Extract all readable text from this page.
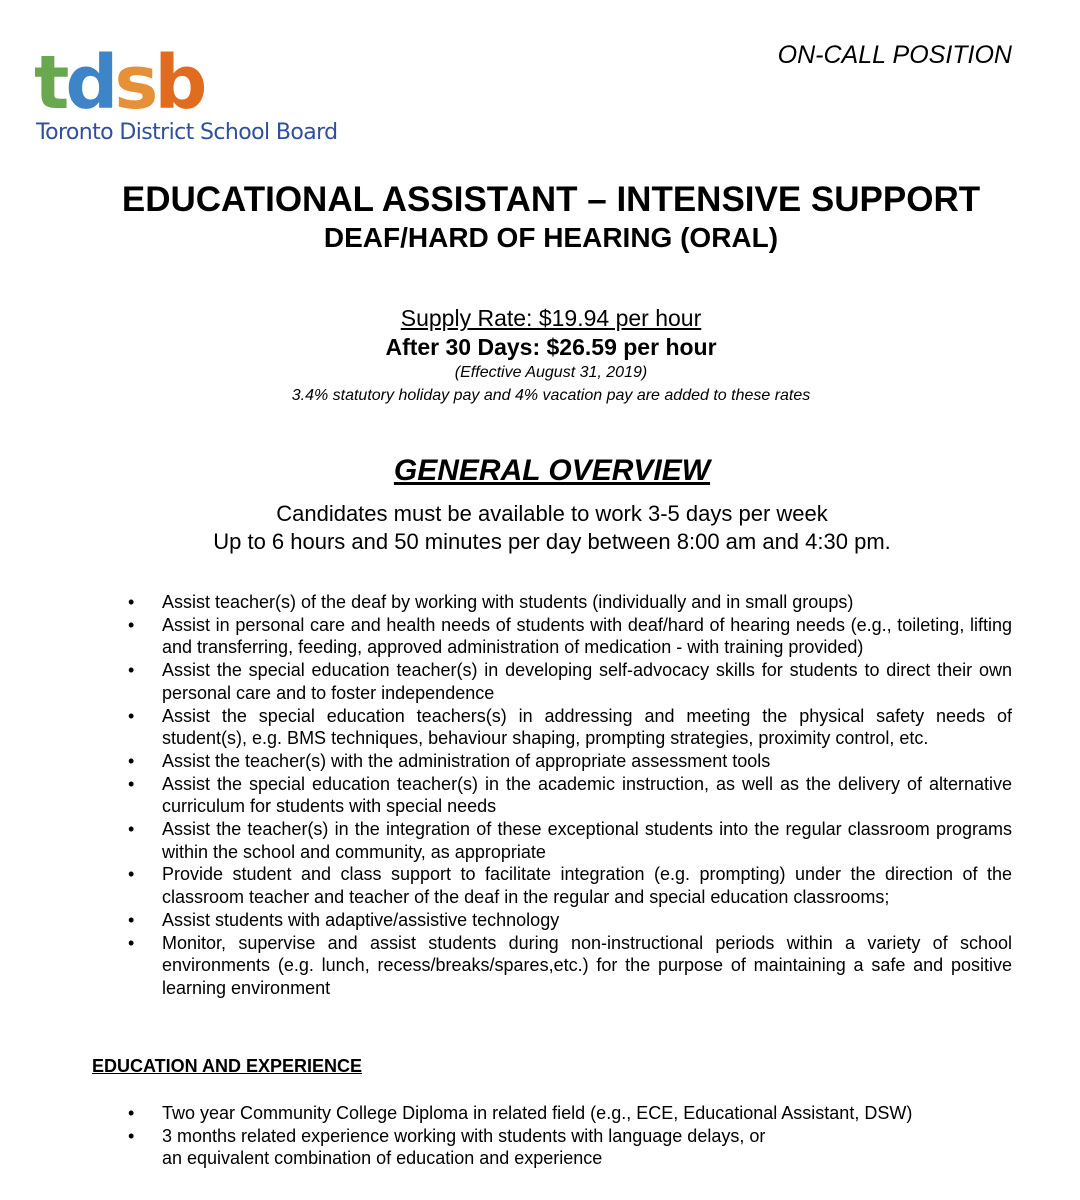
tdsb
Toronto District School Board
ON-CALL POSITION
EDUCATIONAL ASSISTANT – INTENSIVE SUPPORT
DEAF/HARD OF HEARING (ORAL)
Supply Rate: $19.94 per hour
After 30 Days: $26.59 per hour
(Effective August 31, 2019)
3.4% statutory holiday pay and 4% vacation pay are added to these rates
GENERAL OVERVIEW
Candidates must be available to work 3-5 days per week
Up to 6 hours and 50 minutes per day between 8:00 am and 4:30 pm.
• Assist teacher(s) of the deaf by working with students (individually and in small groups)
• Assist in personal care and health needs of students with deaf/hard of hearing needs (e.g., toileting, lifting and transferring, feeding, approved administration of medication - with training provided)
• Assist the special education teacher(s) in developing self-advocacy skills for students to direct their own personal care and to foster independence
• Assist the special education teachers(s) in addressing and meeting the physical safety needs of student(s), e.g. BMS techniques, behaviour shaping, prompting strategies, proximity control, etc.
• Assist the teacher(s) with the administration of appropriate assessment tools
• Assist the special education teacher(s) in the academic instruction, as well as the delivery of alternative curriculum for students with special needs
• Assist the teacher(s) in the integration of these exceptional students into the regular classroom programs within the school and community, as appropriate
• Provide student and class support to facilitate integration (e.g. prompting) under the direction of the classroom teacher and teacher of the deaf in the regular and special education classrooms;
• Assist students with adaptive/assistive technology
• Monitor, supervise and assist students during non-instructional periods within a variety of school environments (e.g. lunch, recess/breaks/spares,etc.) for the purpose of maintaining a safe and positive learning environment
EDUCATION AND EXPERIENCE
• Two year Community College Diploma in related field (e.g., ECE, Educational Assistant, DSW)
• 3 months related experience working with students with language delays, or
an equivalent combination of education and experience
